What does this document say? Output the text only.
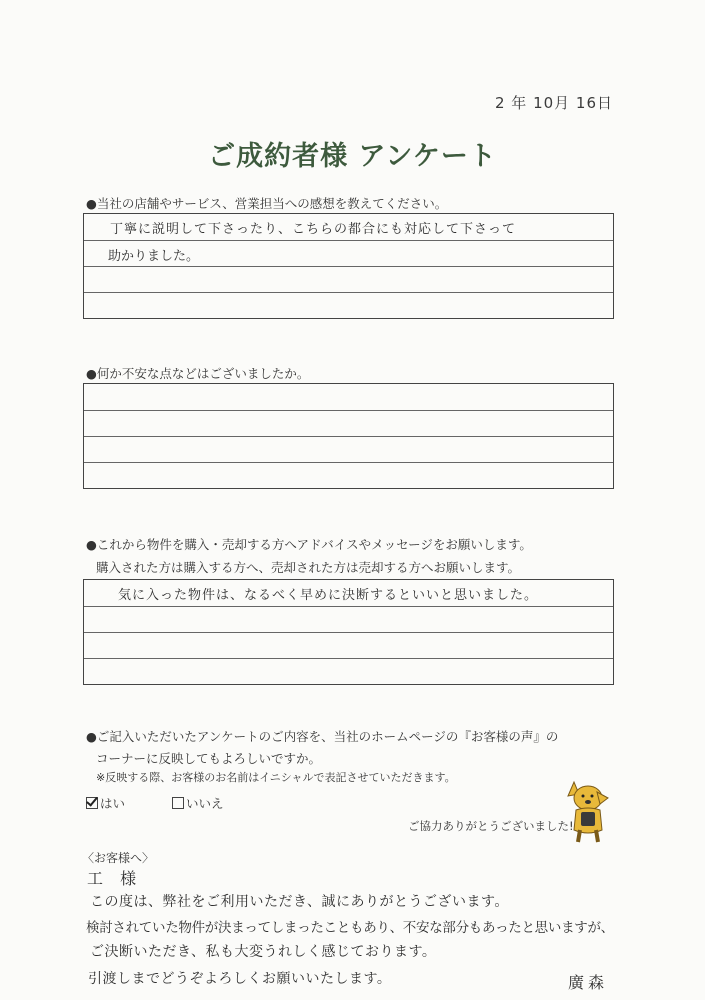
2 年 10月 16日
ご成約者様 アンケート
●当社の店舗やサービス、営業担当への感想を教えてください。
丁寧に説明して下さったり、こちらの都合にも対応して下さって
助かりました。
●何か不安な点などはございましたか。
●これから物件を購入・売却する方へアドバイスやメッセージをお願いします。
購入された方は購入する方へ、売却された方は売却する方へお願いします。
気に入った物件は、なるべく早めに決断するといいと思いました。
●ご記入いただいたアンケートのご内容を、当社のホームページの『お客様の声』の
コーナーに反映してもよろしいですか。
※反映する際、お客様のお名前はイニシャルで表記させていただきます。
はい	いいえ
ご協力ありがとうございました!
〈お客様へ〉
工 様
この度は、弊社をご利用いただき、誠にありがとうございます。
検討されていた物件が決まってしまったこともあり、不安な部分もあったと思いますが、
ご決断いただき、私も大変うれしく感じております。
引渡しまでどうぞよろしくお願いいたします。	廣森
